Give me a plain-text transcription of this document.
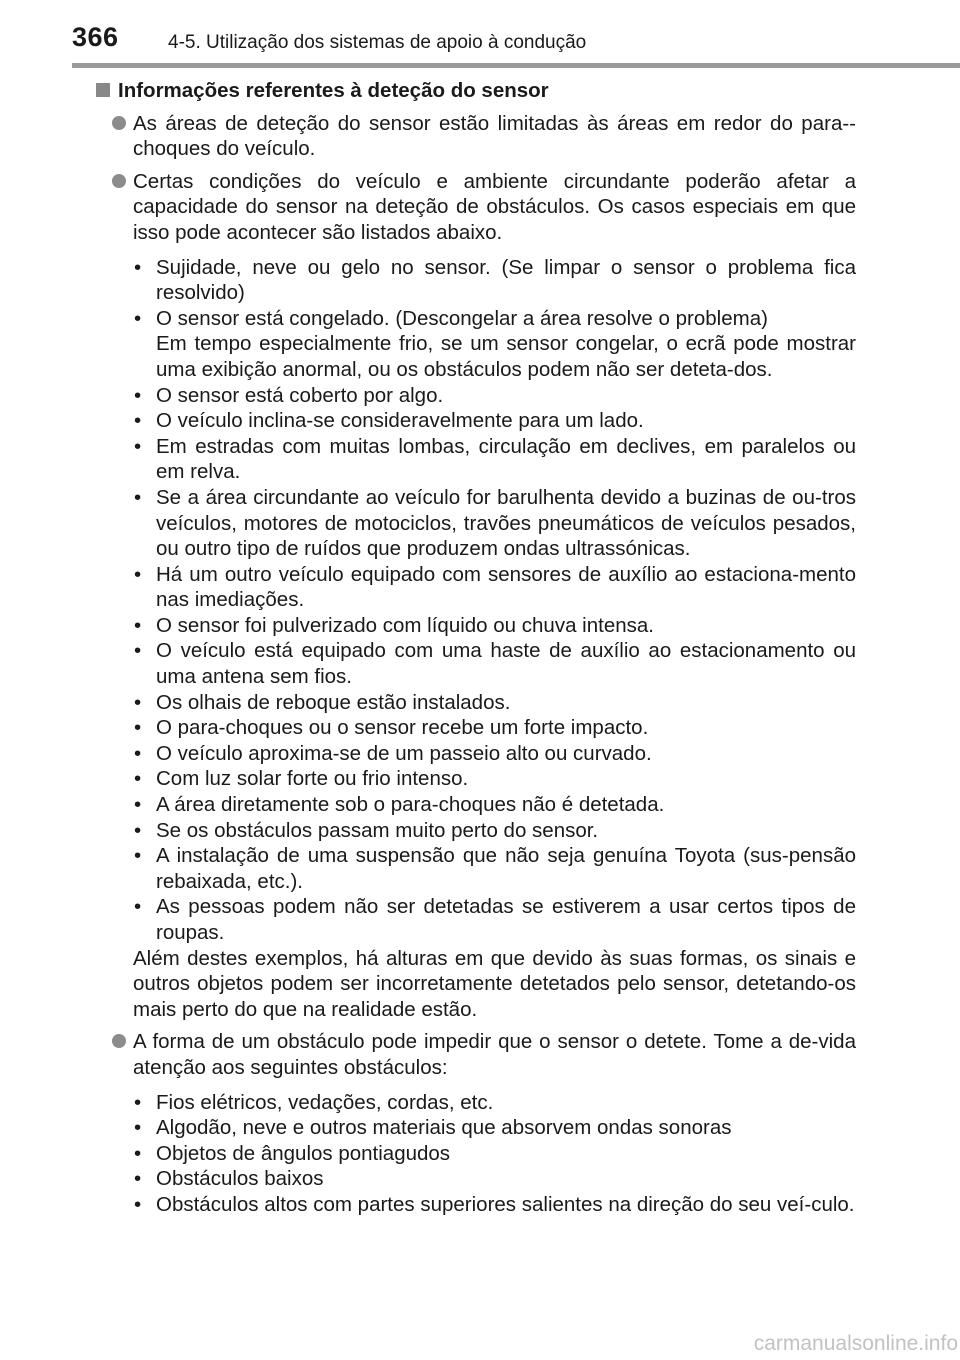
366	4-5. Utilização dos sistemas de apoio à condução
Informações referentes à deteção do sensor
As áreas de deteção do sensor estão limitadas às áreas em redor do para--choques do veículo.
Certas condições do veículo e ambiente circundante poderão afetar a capacidade do sensor na deteção de obstáculos. Os casos especiais em que isso pode acontecer são listados abaixo.
• Sujidade, neve ou gelo no sensor. (Se limpar o sensor o problema fica resolvido)
• O sensor está congelado. (Descongelar a área resolve o problema)
Em tempo especialmente frio, se um sensor congelar, o ecrã pode mostrar uma exibição anormal, ou os obstáculos podem não ser deteta-dos.
• O sensor está coberto por algo.
• O veículo inclina-se consideravelmente para um lado.
• Em estradas com muitas lombas, circulação em declives, em paralelos ou em relva.
• Se a área circundante ao veículo for barulhenta devido a buzinas de ou-tros veículos, motores de motociclos, travões pneumáticos de veículos pesados, ou outro tipo de ruídos que produzem ondas ultrassónicas.
• Há um outro veículo equipado com sensores de auxílio ao estaciona-mento nas imediações.
• O sensor foi pulverizado com líquido ou chuva intensa.
• O veículo está equipado com uma haste de auxílio ao estacionamento ou uma antena sem fios.
• Os olhais de reboque estão instalados.
• O para-choques ou o sensor recebe um forte impacto.
• O veículo aproxima-se de um passeio alto ou curvado.
• Com luz solar forte ou frio intenso.
• A área diretamente sob o para-choques não é detetada.
• Se os obstáculos passam muito perto do sensor.
• A instalação de uma suspensão que não seja genuína Toyota (sus-pensão rebaixada, etc.).
• As pessoas podem não ser detetadas se estiverem a usar certos tipos de roupas.
Além destes exemplos, há alturas em que devido às suas formas, os sinais e outros objetos podem ser incorretamente detetados pelo sensor, detetando-os mais perto do que na realidade estão.
A forma de um obstáculo pode impedir que o sensor o detete. Tome a de-vida atenção aos seguintes obstáculos:
• Fios elétricos, vedações, cordas, etc.
• Algodão, neve e outros materiais que absorvem ondas sonoras
• Objetos de ângulos pontiagudos
• Obstáculos baixos
• Obstáculos altos com partes superiores salientes na direção do seu veí-culo.
carmanualsonline.info
